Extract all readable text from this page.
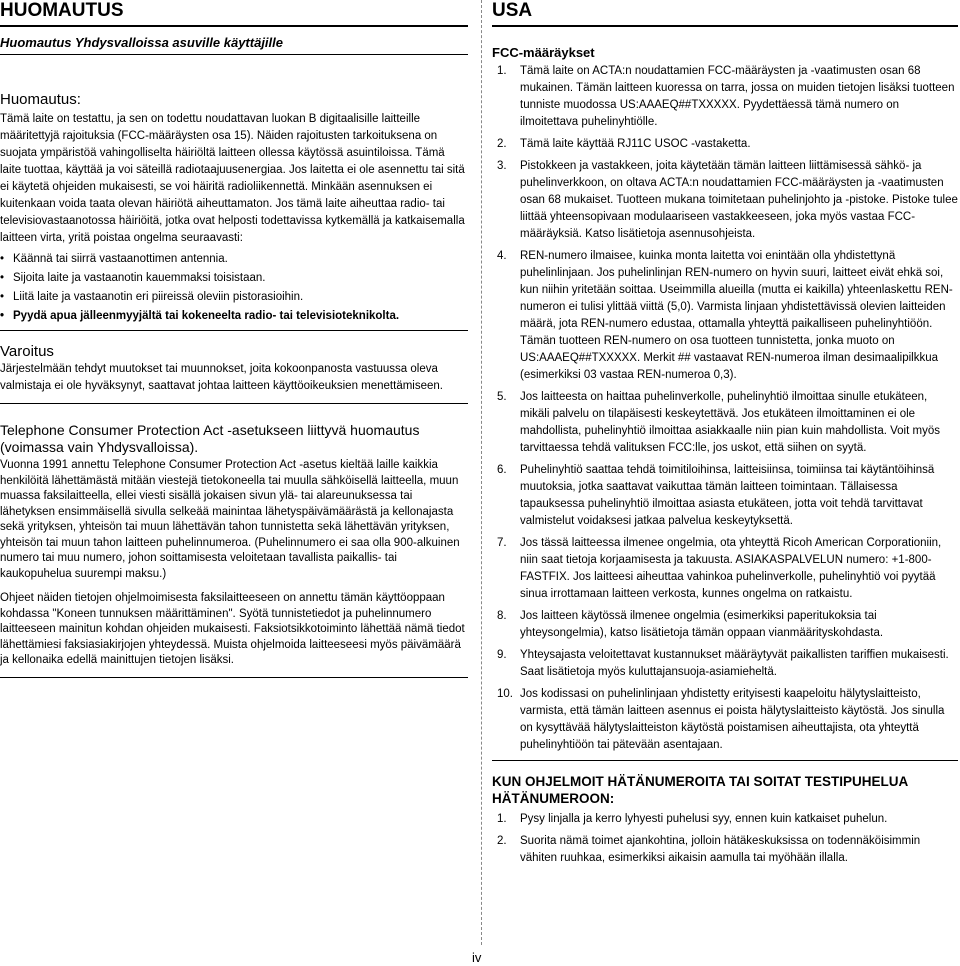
HUOMAUTUS
Huomautus Yhdysvalloissa asuville käyttäjille
Huomautus:

Tämä laite on testattu, ja sen on todettu noudattavan luokan B digitaalisille laitteille määritettyjä rajoituksia (FCC-määräysten osa 15). Näiden rajoitusten tarkoituksena on suojata ympäristöä vahingolliselta häiriöltä laitteen ollessa käytössä asuintiloissa. Tämä laite tuottaa, käyttää ja voi säteillä radiotaajuusenergiaa. Jos laitetta ei ole asennettu tai sitä ei käytetä ohjeiden mukaisesti, se voi häiritä radioliikennettä. Minkään asennuksen ei kuitenkaan voida taata olevan häiriötä aiheuttamaton. Jos tämä laite aiheuttaa radio- tai televisiovastaanotossa häiriöitä, jotka ovat helposti todettavissa kytkemällä ja katkaisemalla laitteen virta, yritä poistaa ongelma seuraavasti:

• Käännä tai siirrä vastaanottimen antennia.
• Sijoita laite ja vastaanotin kauemmaksi toisistaan.
• Liitä laite ja vastaanotin eri piireissä oleviin pistorasioihin.
• Pyydä apua jälleenmyyjältä tai kokeneelta radio- tai televisioteknikolta.
Varoitus

Järjestelmään tehdyt muutokset tai muunnokset, joita kokoonpanosta vastuussa oleva valmistaja ei ole hyväksynyt, saattavat johtaa laitteen käyttöoikeuksien menettämiseen.

Telephone Consumer Protection Act -asetukseen liittyvä huomautus (voimassa vain Yhdysvalloissa).

Vuonna 1991 annettu Telephone Consumer Protection Act -asetus kieltää laille kaikkia henkilöitä lähettämästä mitään viestejä tietokoneella tai muulla sähköisellä laitteella, muun muassa faksilaitteella, ellei viesti sisällä jokaisen sivun ylä- tai alareunuksessa tai lähetyksen ensimmäisellä sivulla selkeää mainintaa lähetyspäivämäärästä ja kellonajasta sekä yrityksen, yhteisön tai muun lähettävän tahon tunnistetta sekä lähettävän yrityksen, yhteisön tai muun tahon laitteen puhelinnumeroa. (Puhelinnumero ei saa olla 900-alkuinen numero tai muu numero, johon soittamisesta veloitetaan tavallista paikallis- tai kaukopuhelua suurempi maksu.)

Ohjeet näiden tietojen ohjelmoimisesta faksilaitteeseen on annettu tämän käyttöoppaan kohdassa "Koneen tunnuksen määrittäminen". Syötä tunnistetiedot ja puhelinnumero laitteeseen mainitun kohdan ohjeiden mukaisesti. Faksiotsikkotoiminto lähettää nämä tiedot lähettämiesi faksiasiakirjojen yhteydessä. Muista ohjelmoida laitteeseesi myös päivämäärä ja kellonaika edellä mainittujen tietojen lisäksi.

USA
FCC-määräykset
1. Tämä laite on ACTA:n noudattamien FCC-määräysten ja -vaatimusten osan 68 mukainen. Tämän laitteen kuoressa on tarra, jossa on muiden tietojen lisäksi tuotteen tunniste muodossa US:AAAEQ##TXXXXX. Pyydettäessä tämä numero on ilmoitettava puhelinyhtiölle.
2. Tämä laite käyttää RJ11C USOC -vastaketta.
3. Pistokkeen ja vastakkeen, joita käytetään tämän laitteen liittämisessä sähkö- ja puhelinverkkoon, on oltava ACTA:n noudattamien FCC-määräysten ja -vaatimusten osan 68 mukaiset. Tuotteen mukana toimitetaan puhelinjohto ja -pistoke. Pistoke tulee liittää yhteensopivaan modulaariseen vastakkeeseen, joka myös vastaa FCC-määräyksiä. Katso lisätietoja asennusohjeista.
4. REN-numero ilmaisee, kuinka monta laitetta voi enintään olla yhdistettynä puhelinlinjaan. Jos puhelinlinjan REN-numero on hyvin suuri, laitteet eivät ehkä soi, kun niihin yritetään soittaa. Useimmilla alueilla (mutta ei kaikilla) yhteenlaskettu REN-numeron ei tulisi ylittää viittä (5,0). Varmista linjaan yhdistettävissä olevien laitteiden määrä, jota REN-numero edustaa, ottamalla yhteyttä paikalliseen puhelinyhtiöön. Tämän tuotteen REN-numero on osa tuotteen tunnistetta, jonka muoto on US:AAAEQ##TXXXXX. Merkit ## vastaavat REN-numeroa ilman desimaalipilkkua (esimerkiksi 03 vastaa REN-numeroa 0,3).
5. Jos laitteesta on haittaa puhelinverkolle, puhelinyhtiö ilmoittaa sinulle etukäteen, mikäli palvelu on tilapäisesti keskeytettävä. Jos etukäteen ilmoittaminen ei ole mahdollista, puhelinyhtiö ilmoittaa asiakkaalle niin pian kuin mahdollista. Voit myös tarvittaessa tehdä valituksen FCC:lle, jos uskot, että siihen on syytä.
6. Puhelinyhtiö saattaa tehdä toimitiloihinsa, laitteisiinsa, toimiinsa tai käytäntöihinsä muutoksia, jotka saattavat vaikuttaa tämän laitteen toimintaan. Tällaisessa tapauksessa puhelinyhtiö ilmoittaa asiasta etukäteen, jotta voit tehdä tarvittavat valmistelut voidaksesi jatkaa palvelua keskeytyksettä.
7. Jos tässä laitteessa ilmenee ongelmia, ota yhteyttä Ricoh American Corporationiin, niin saat tietoja korjaamisesta ja takuusta. ASIAKASPALVELUN numero: +1-800-FASTFIX. Jos laitteesi aiheuttaa vahinkoa puhelinverkolle, puhelinyhtiö voi pyytää sinua irrottamaan laitteen verkosta, kunnes ongelma on ratkaistu.
8. Jos laitteen käytössä ilmenee ongelmia (esimerkiksi paperitukoksia tai yhteysongelmia), katso lisätietoja tämän oppaan vianmäärityskohdasta.
9. Yhteysajasta veloitettavat kustannukset määräytyvät paikallisten tariffien mukaisesti. Saat lisätietoja myös kuluttajansuoja-asiamieheltä.
10. Jos kodissasi on puhelinlinjaan yhdistetty erityisesti kaapeloitu hälytyslaitteisto, varmista, että tämän laitteen asennus ei poista hälytyslaitteisto käytöstä. Jos sinulla on kysyttävää hälytyslaitteiston käytöstä poistamisen aiheuttajista, ota yhteyttä puhelinyhtiöön tai pätevään asentajaan.
KUN OHJELMOIT HÄTÄNUMEROITA TAI SOITAT TESTIPUHELUA HÄTÄNUMEROON:
1. Pysy linjalla ja kerro lyhyesti puhelusi syy, ennen kuin katkaiset puhelun.
2. Suorita nämä toimet ajankohtina, jolloin hätäkeskuksissa on todennäköisimmin vähiten ruuhkaa, esimerkiksi aikaisin aamulla tai myöhään illalla.
iv
